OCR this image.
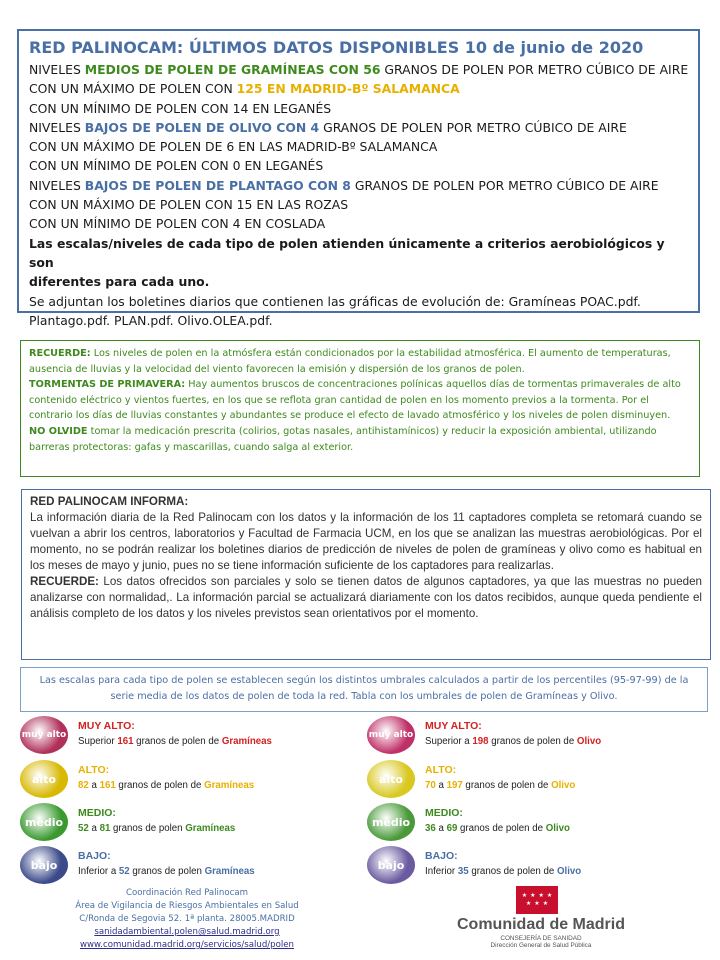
RED PALINOCAM: ÚLTIMOS DATOS DISPONIBLES 10 de junio de 2020
NIVELES MEDIOS DE POLEN DE GRAMÍNEAS CON 56 GRANOS DE POLEN POR METRO CÚBICO DE AIRE
CON UN MÁXIMO DE POLEN CON 125 EN MADRID-Bº SALAMANCA
CON UN MÍNIMO DE POLEN CON 14 EN LEGANÉS
NIVELES BAJOS DE POLEN DE OLIVO CON 4 GRANOS DE POLEN POR METRO CÚBICO DE AIRE
CON UN MÁXIMO DE POLEN DE 6 EN LAS MADRID-Bº SALAMANCA
CON UN MÍNIMO DE POLEN CON 0 EN LEGANÉS
NIVELES BAJOS DE POLEN DE PLANTAGO CON 8 GRANOS DE POLEN POR METRO CÚBICO DE AIRE
CON UN MÁXIMO DE POLEN CON 15 EN LAS ROZAS
CON UN MÍNIMO DE POLEN CON 4 EN COSLADA
Las escalas/niveles de cada tipo de polen atienden únicamente a criterios aerobiológicos y son
diferentes para cada uno.
Se adjuntan los boletines diarios que contienen las gráficas de evolución de: Gramíneas POAC.pdf.
Plantago.pdf. PLAN.pdf. Olivo.OLEA.pdf.
RECUERDE: Los niveles de polen en la atmósfera están condicionados por la estabilidad atmosférica. El aumento de temperaturas, ausencia de lluvias y la velocidad del viento favorecen la emisión y dispersión de los granos de polen.
TORMENTAS DE PRIMAVERA: Hay aumentos bruscos de concentraciones polínicas aquellos días de tormentas primaverales de alto contenido eléctrico y vientos fuertes, en los que se reflota gran cantidad de polen en los momento previos a la tormenta. Por el contrario los días de lluvias constantes y abundantes se produce el efecto de lavado atmosférico y los niveles de polen disminuyen.
NO OLVIDE tomar la medicación prescrita (colirios, gotas nasales, antihistamínicos) y reducir la exposición ambiental, utilizando barreras protectoras: gafas y mascarillas, cuando salga al exterior.
RED PALINOCAM INFORMA:
La información diaria de la Red Palinocam con los datos y la información de los 11 captadores completa se retomará cuando se vuelvan a abrir los centros, laboratorios y Facultad de Farmacia UCM, en los que se analizan las muestras aerobiológicas. Por el momento, no se podrán realizar los boletines diarios de predicción de niveles de polen de gramíneas y olivo como es habitual en los meses de mayo y junio, pues no se tiene información suficiente de los captadores para realizarlas.
RECUERDE: Los datos ofrecidos son parciales y solo se tienen datos de algunos captadores, ya que las muestras no pueden analizarse con normalidad,. La información parcial se actualizará diariamente con los datos recibidos, aunque queda pendiente el análisis completo de los datos y los niveles previstos sean orientativos por el momento.
Las escalas para cada tipo de polen se establecen según los distintos umbrales calculados a partir de los percentiles (95-97-99) de la serie media de los datos de polen de toda la red. Tabla con los umbrales de polen de Gramíneas y Olivo.
muy alto
MUY ALTO:
Superior 161 granos de polen de Gramíneas
alto
ALTO:
82 a 161 granos de polen de Gramíneas
medio
MEDIO:
52 a 81 granos de polen Gramíneas
bajo
BAJO:
Inferior a 52 granos de polen Gramíneas
muy alto
MUY ALTO:
Superior a 198 granos de polen de Olivo
alto
ALTO:
70 a 197 granos de polen de Olivo
medio
MEDIO:
36 a 69 granos de polen de Olivo
bajo
BAJO:
Inferior 35 granos de polen de Olivo
Coordinación Red Palinocam
Área de Vigilancia de Riesgos Ambientales en Salud
C/Ronda de Segovia 52. 1ª planta. 28005.MADRID
sanidadambiental.polen@salud.madrid.org
www.comunidad.madrid.org/servicios/salud/polen
★ ★ ★ ★
★ ★ ★
Comunidad de Madrid
CONSEJERÍA DE SANIDAD
Dirección General de Salud Pública
